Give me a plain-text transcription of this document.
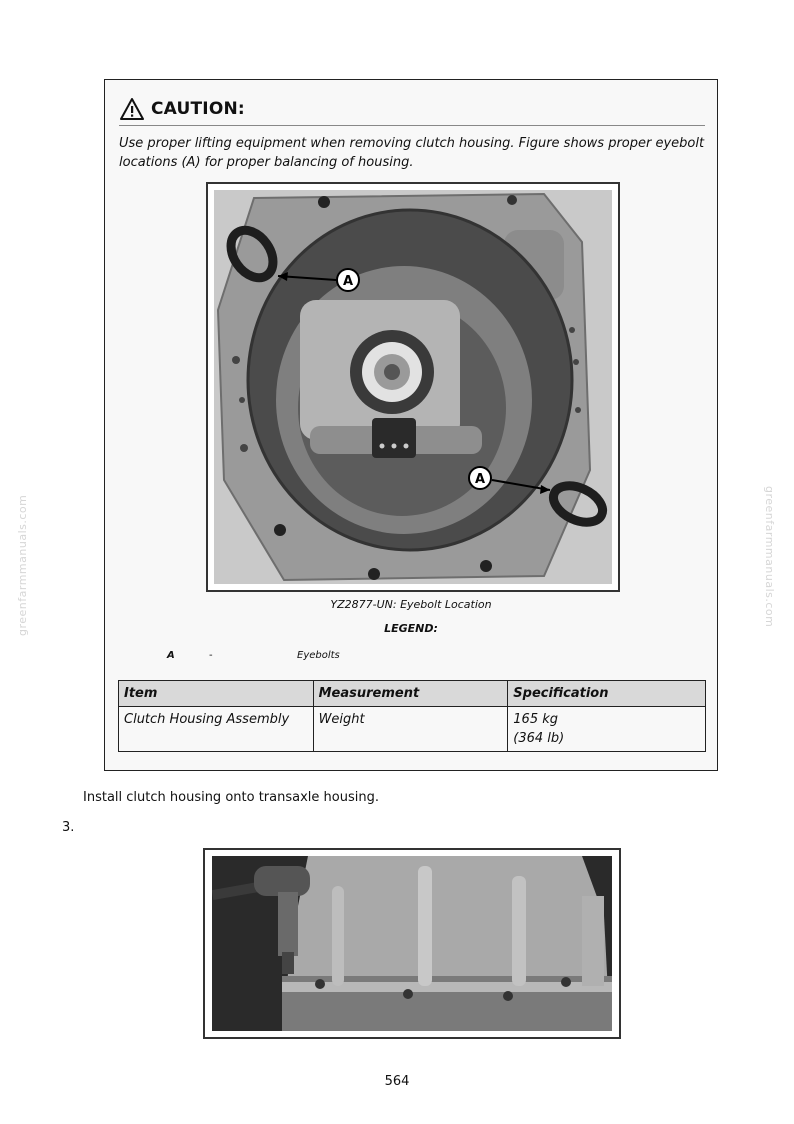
greenfarmmanuals.com	greenfarmmanuals.com
CAUTION:
Use proper lifting equipment when removing clutch housing. Figure shows proper eyebolt locations (A) for proper balancing of housing.
A
A
YZ2877-UN: Eyebolt Location
LEGEND:
A	-	Eyebolts
Item	Measurement	Specification
Clutch Housing Assembly	Weight	165 kg
(364 lb)
Install clutch housing onto transaxle housing.
3.
564
